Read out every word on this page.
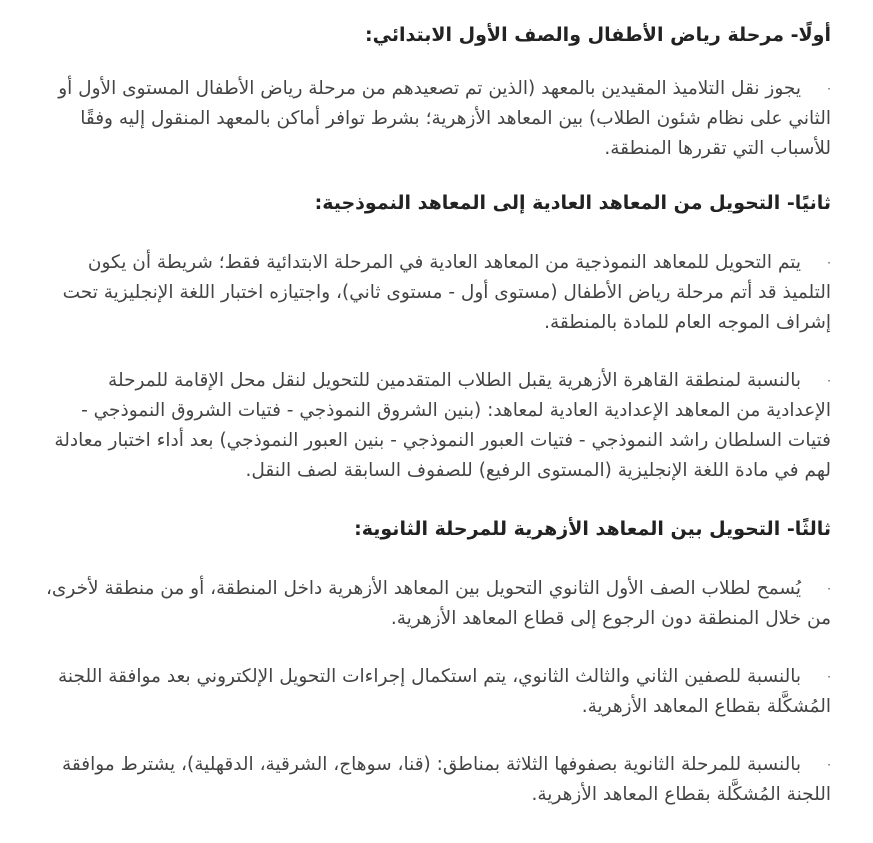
أولًا- مرحلة رياض الأطفال والصف الأول الابتدائي:

·يجوز نقل التلاميذ المقيدين بالمعهد (الذين تم تصعيدهم من مرحلة رياض الأطفال المستوى الأول أو الثاني على نظام شئون الطلاب) بين المعاهد الأزهرية؛ بشرط توافر أماكن بالمعهد المنقول إليه وفقًا للأسباب التي تقررها المنطقة.

ثانيًا- التحويل من المعاهد العادية إلى المعاهد النموذجية:

·يتم التحويل للمعاهد النموذجية من المعاهد العادية في المرحلة الابتدائية فقط؛ شريطة أن يكون التلميذ قد أتم مرحلة رياض الأطفال (مستوى أول - مستوى ثاني)، واجتيازه اختبار اللغة الإنجليزية تحت إشراف الموجه العام للمادة بالمنطقة.

·بالنسبة لمنطقة القاهرة الأزهرية يقبل الطلاب المتقدمين للتحويل لنقل محل الإقامة للمرحلة الإعدادية من المعاهد الإعدادية العادية لمعاهد: (بنين الشروق النموذجي - فتيات الشروق النموذجي - فتيات السلطان راشد النموذجي - فتيات العبور النموذجي - بنين العبور النموذجي) بعد أداء اختبار معادلة لهم في مادة اللغة الإنجليزية (المستوى الرفيع) للصفوف السابقة لصف النقل.

ثالثًا- التحويل بين المعاهد الأزهرية للمرحلة الثانوية:

·يُسمح لطلاب الصف الأول الثانوي التحويل بين المعاهد الأزهرية داخل المنطقة، أو من منطقة لأخرى، من خلال المنطقة دون الرجوع إلى قطاع المعاهد الأزهرية.

·بالنسبة للصفين الثاني والثالث الثانوي، يتم استكمال إجراءات التحويل الإلكتروني بعد موافقة اللجنة المُشكَّلة بقطاع المعاهد الأزهرية.

·بالنسبة للمرحلة الثانوية بصفوفها الثلاثة بمناطق: (قنا، سوهاج، الشرقية، الدقهلية)، يشترط موافقة اللجنة المُشكَّلة بقطاع المعاهد الأزهرية.
